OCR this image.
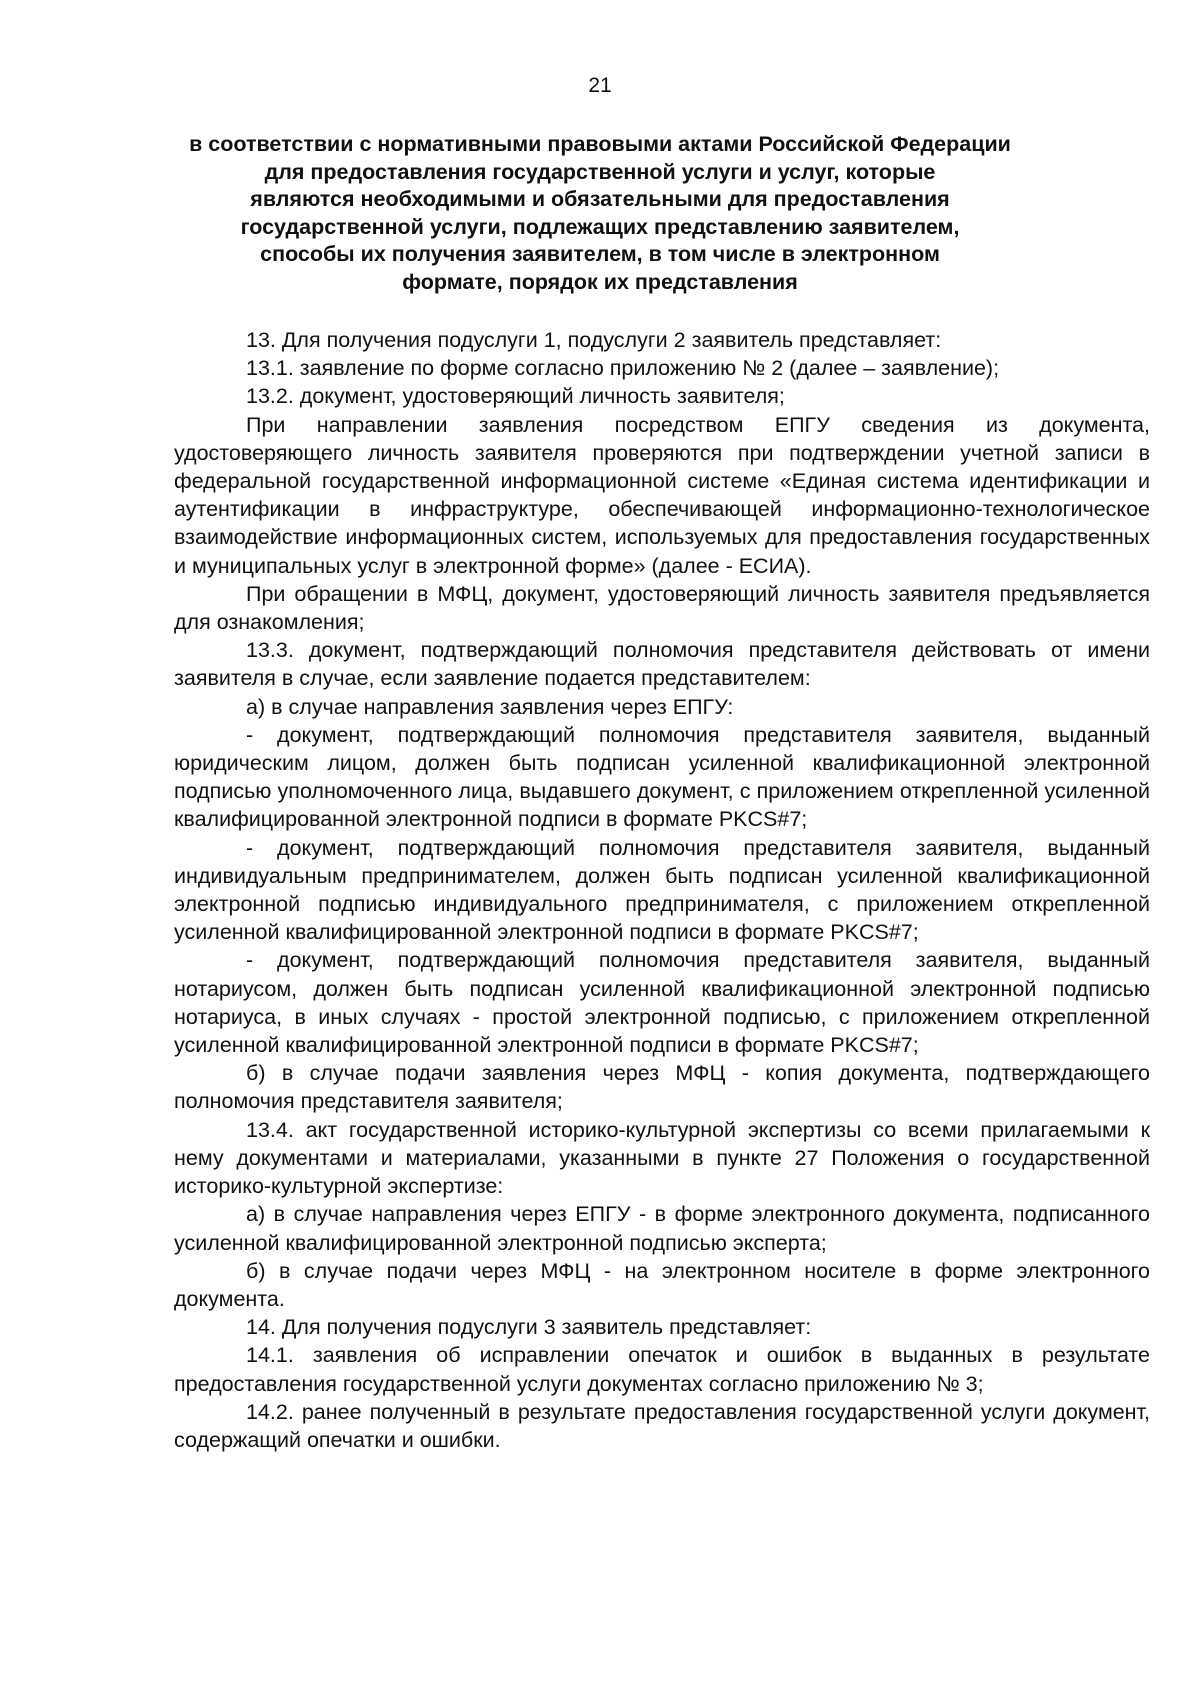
21
в соответствии с нормативными правовыми актами Российской Федерации
для предоставления государственной услуги и услуг, которые
являются необходимыми и обязательными для предоставления
государственной услуги, подлежащих представлению заявителем,
способы их получения заявителем, в том числе в электронном
формате, порядок их представления

13. Для получения подуслуги 1, подуслуги 2 заявитель представляет:

13.1. заявление по форме согласно приложению № 2 (далее – заявление);

13.2. документ, удостоверяющий личность заявителя;

При направлении заявления посредством ЕПГУ сведения из документа, удостоверяющего личность заявителя проверяются при подтверждении учетной записи в федеральной государственной информационной системе «Единая система идентификации и аутентификации в инфраструктуре, обеспечивающей информационно-технологическое взаимодействие информационных систем, используемых для предоставления государственных и муниципальных услуг в электронной форме» (далее - ЕСИА).

При обращении в МФЦ, документ, удостоверяющий личность заявителя предъявляется для ознакомления;

13.3. документ, подтверждающий полномочия представителя действовать от имени заявителя в случае, если заявление подается представителем:

а) в случае направления заявления через ЕПГУ:

- документ, подтверждающий полномочия представителя заявителя, выданный юридическим лицом, должен быть подписан усиленной квалификационной электронной подписью уполномоченного лица, выдавшего документ, с приложением открепленной усиленной квалифицированной электронной подписи в формате PKCS#7;

- документ, подтверждающий полномочия представителя заявителя, выданный индивидуальным предпринимателем, должен быть подписан усиленной квалификационной электронной подписью индивидуального предпринимателя, с приложением открепленной усиленной квалифицированной электронной подписи в формате PKCS#7;

- документ, подтверждающий полномочия представителя заявителя, выданный нотариусом, должен быть подписан усиленной квалификационной электронной подписью нотариуса, в иных случаях - простой электронной подписью, с приложением открепленной усиленной квалифицированной электронной подписи в формате PKCS#7;

б) в случае подачи заявления через МФЦ - копия документа, подтверждающего полномочия представителя заявителя;

13.4. акт государственной историко-культурной экспертизы со всеми прилагаемыми к нему документами и материалами, указанными в пункте 27 Положения о государственной историко-культурной экспертизе:

а) в случае направления через ЕПГУ - в форме электронного документа, подписанного усиленной квалифицированной электронной подписью эксперта;

б) в случае подачи через МФЦ - на электронном носителе в форме электронного документа.

14. Для получения подуслуги 3 заявитель представляет:

14.1. заявления об исправлении опечаток и ошибок в выданных в результате предоставления государственной услуги документах согласно приложению № 3;

14.2. ранее полученный в результате предоставления государственной услуги документ, содержащий опечатки и ошибки.
